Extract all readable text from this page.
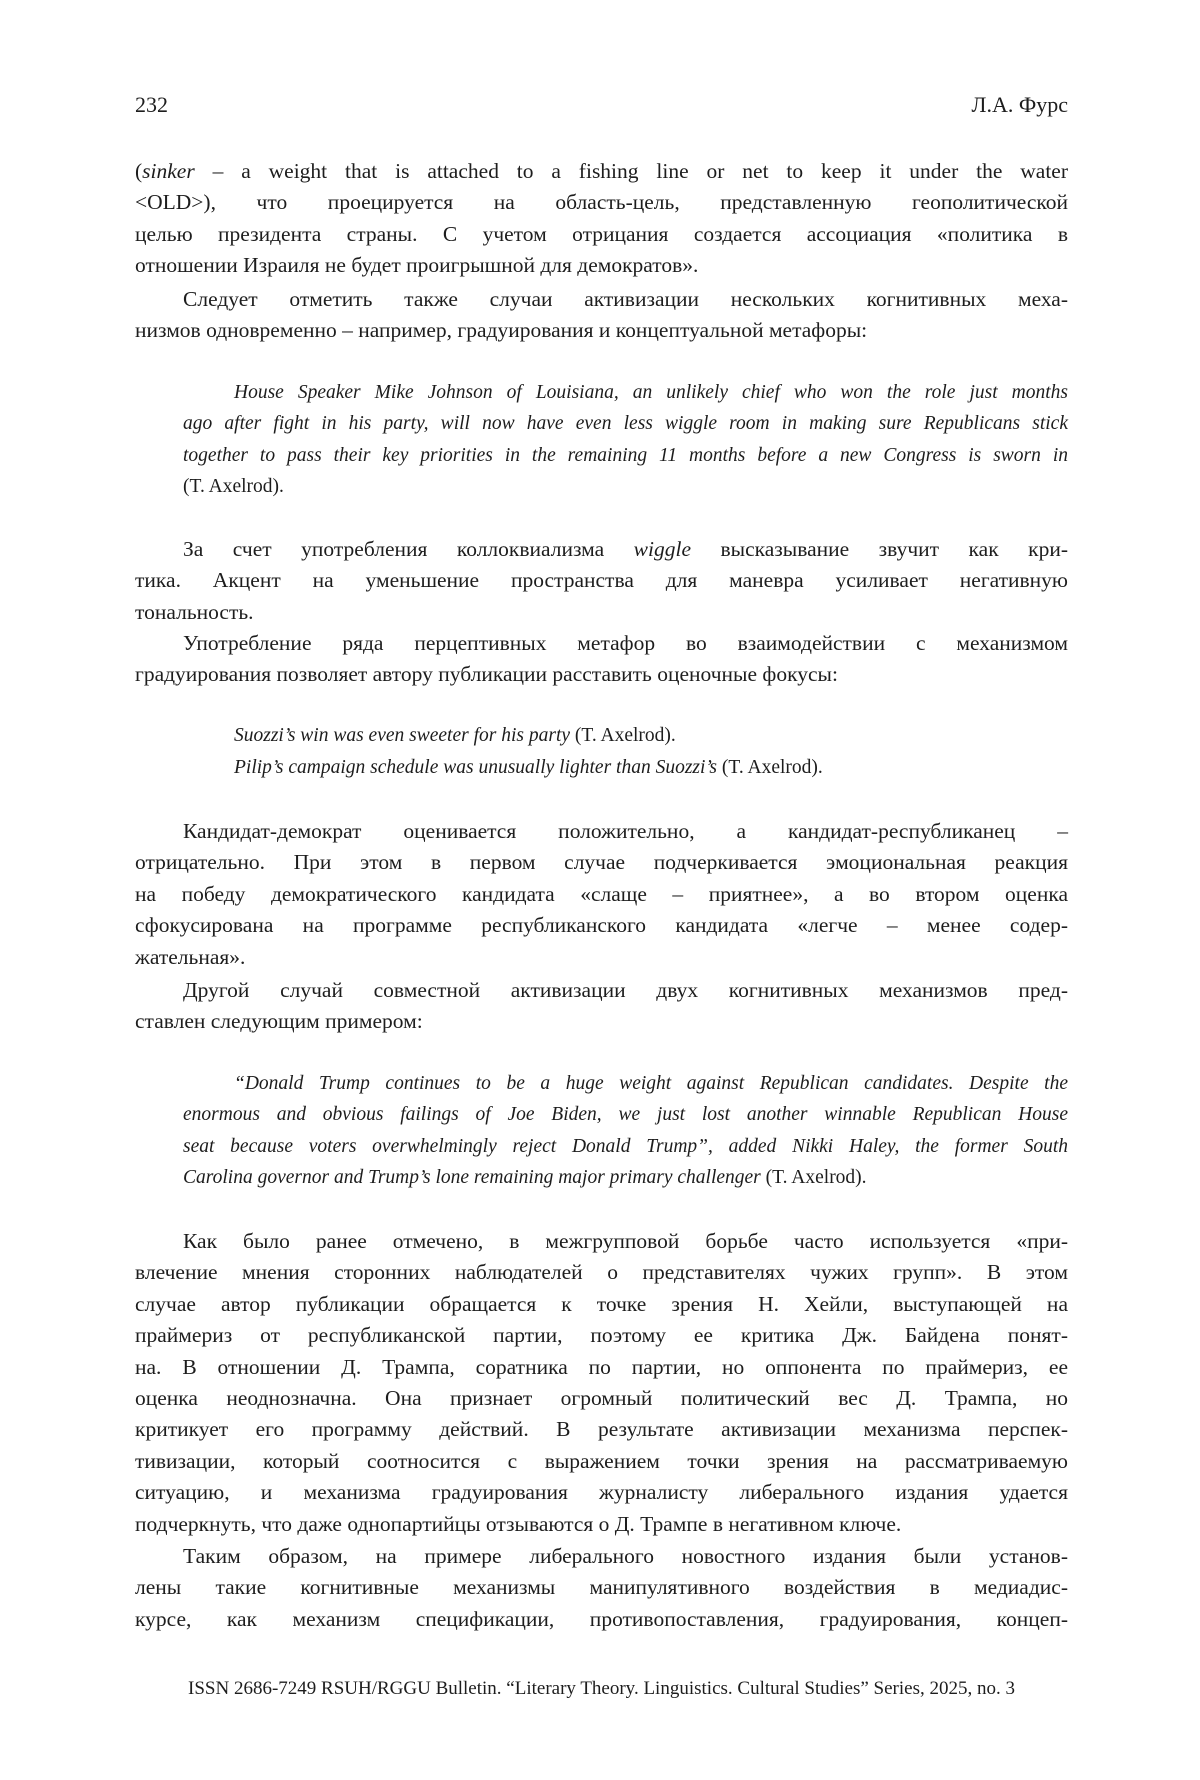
232	Л.А. Фурс
(sinker – a weight that is attached to a fishing line or net to keep it under the water
<OLD>), что проецируется на область-цель, представленную геополитической
целью президента страны. С учетом отрицания создается ассоциация «политика в
отношении Израиля не будет проигрышной для демократов».
Следует отметить также случаи активизации нескольких когнитивных меха-
низмов одновременно – например, градуирования и концептуальной метафоры:
House Speaker Mike Johnson of Louisiana, an unlikely chief who won the role just months
ago after fight in his party, will now have even less wiggle room in making sure Republicans stick
together to pass their key priorities in the remaining 11 months before a new Congress is sworn in
(T. Axelrod).
За счет употребления коллоквиализма wiggle высказывание звучит как кри-
тика. Акцент на уменьшение пространства для маневра усиливает негативную
тональность.
Употребление ряда перцептивных метафор во взаимодействии с механизмом
градуирования позволяет автору публикации расставить оценочные фокусы:
Suozzi’s win was even sweeter for his party (T. Axelrod).
Pilip’s campaign schedule was unusually lighter than Suozzi’s (T. Axelrod).
Кандидат-демократ оценивается положительно, а кандидат-республиканец –
отрицательно. При этом в первом случае подчеркивается эмоциональная реакция
на победу демократического кандидата «слаще – приятнее», а во втором оценка
сфокусирована на программе республиканского кандидата «легче – менее содер-
жательная».
Другой случай совместной активизации двух когнитивных механизмов пред-
ставлен следующим примером:
“Donald Trump continues to be a huge weight against Republican candidates. Despite the
enormous and obvious failings of Joe Biden, we just lost another winnable Republican House
seat because voters overwhelmingly reject Donald Trump”, added Nikki Haley, the former South
Carolina governor and Trump’s lone remaining major primary challenger (T. Axelrod).
Как было ранее отмечено, в межгрупповой борьбе часто используется «при-
влечение мнения сторонних наблюдателей о представителях чужих групп». В этом
случае автор публикации обращается к точке зрения Н. Хейли, выступающей на
праймериз от республиканской партии, поэтому ее критика Дж. Байдена понят-
на. В отношении Д. Трампа, соратника по партии, но оппонента по праймериз, ее
оценка неоднозначна. Она признает огромный политический вес Д. Трампа, но
критикует его программу действий. В результате активизации механизма перспек-
тивизации, который соотносится с выражением точки зрения на рассматриваемую
ситуацию, и механизма градуирования журналисту либерального издания удается
подчеркнуть, что даже однопартийцы отзываются о Д. Трампе в негативном ключе.
Таким образом, на примере либерального новостного издания были установ-
лены такие когнитивные механизмы манипулятивного воздействия в медиадис-
курсе, как механизм спецификации, противопоставления, градуирования, концеп-
ISSN 2686-7249 RSUH/RGGU Bulletin. “Literary Theory. Linguistics. Cultural Studies” Series, 2025, no. 3
